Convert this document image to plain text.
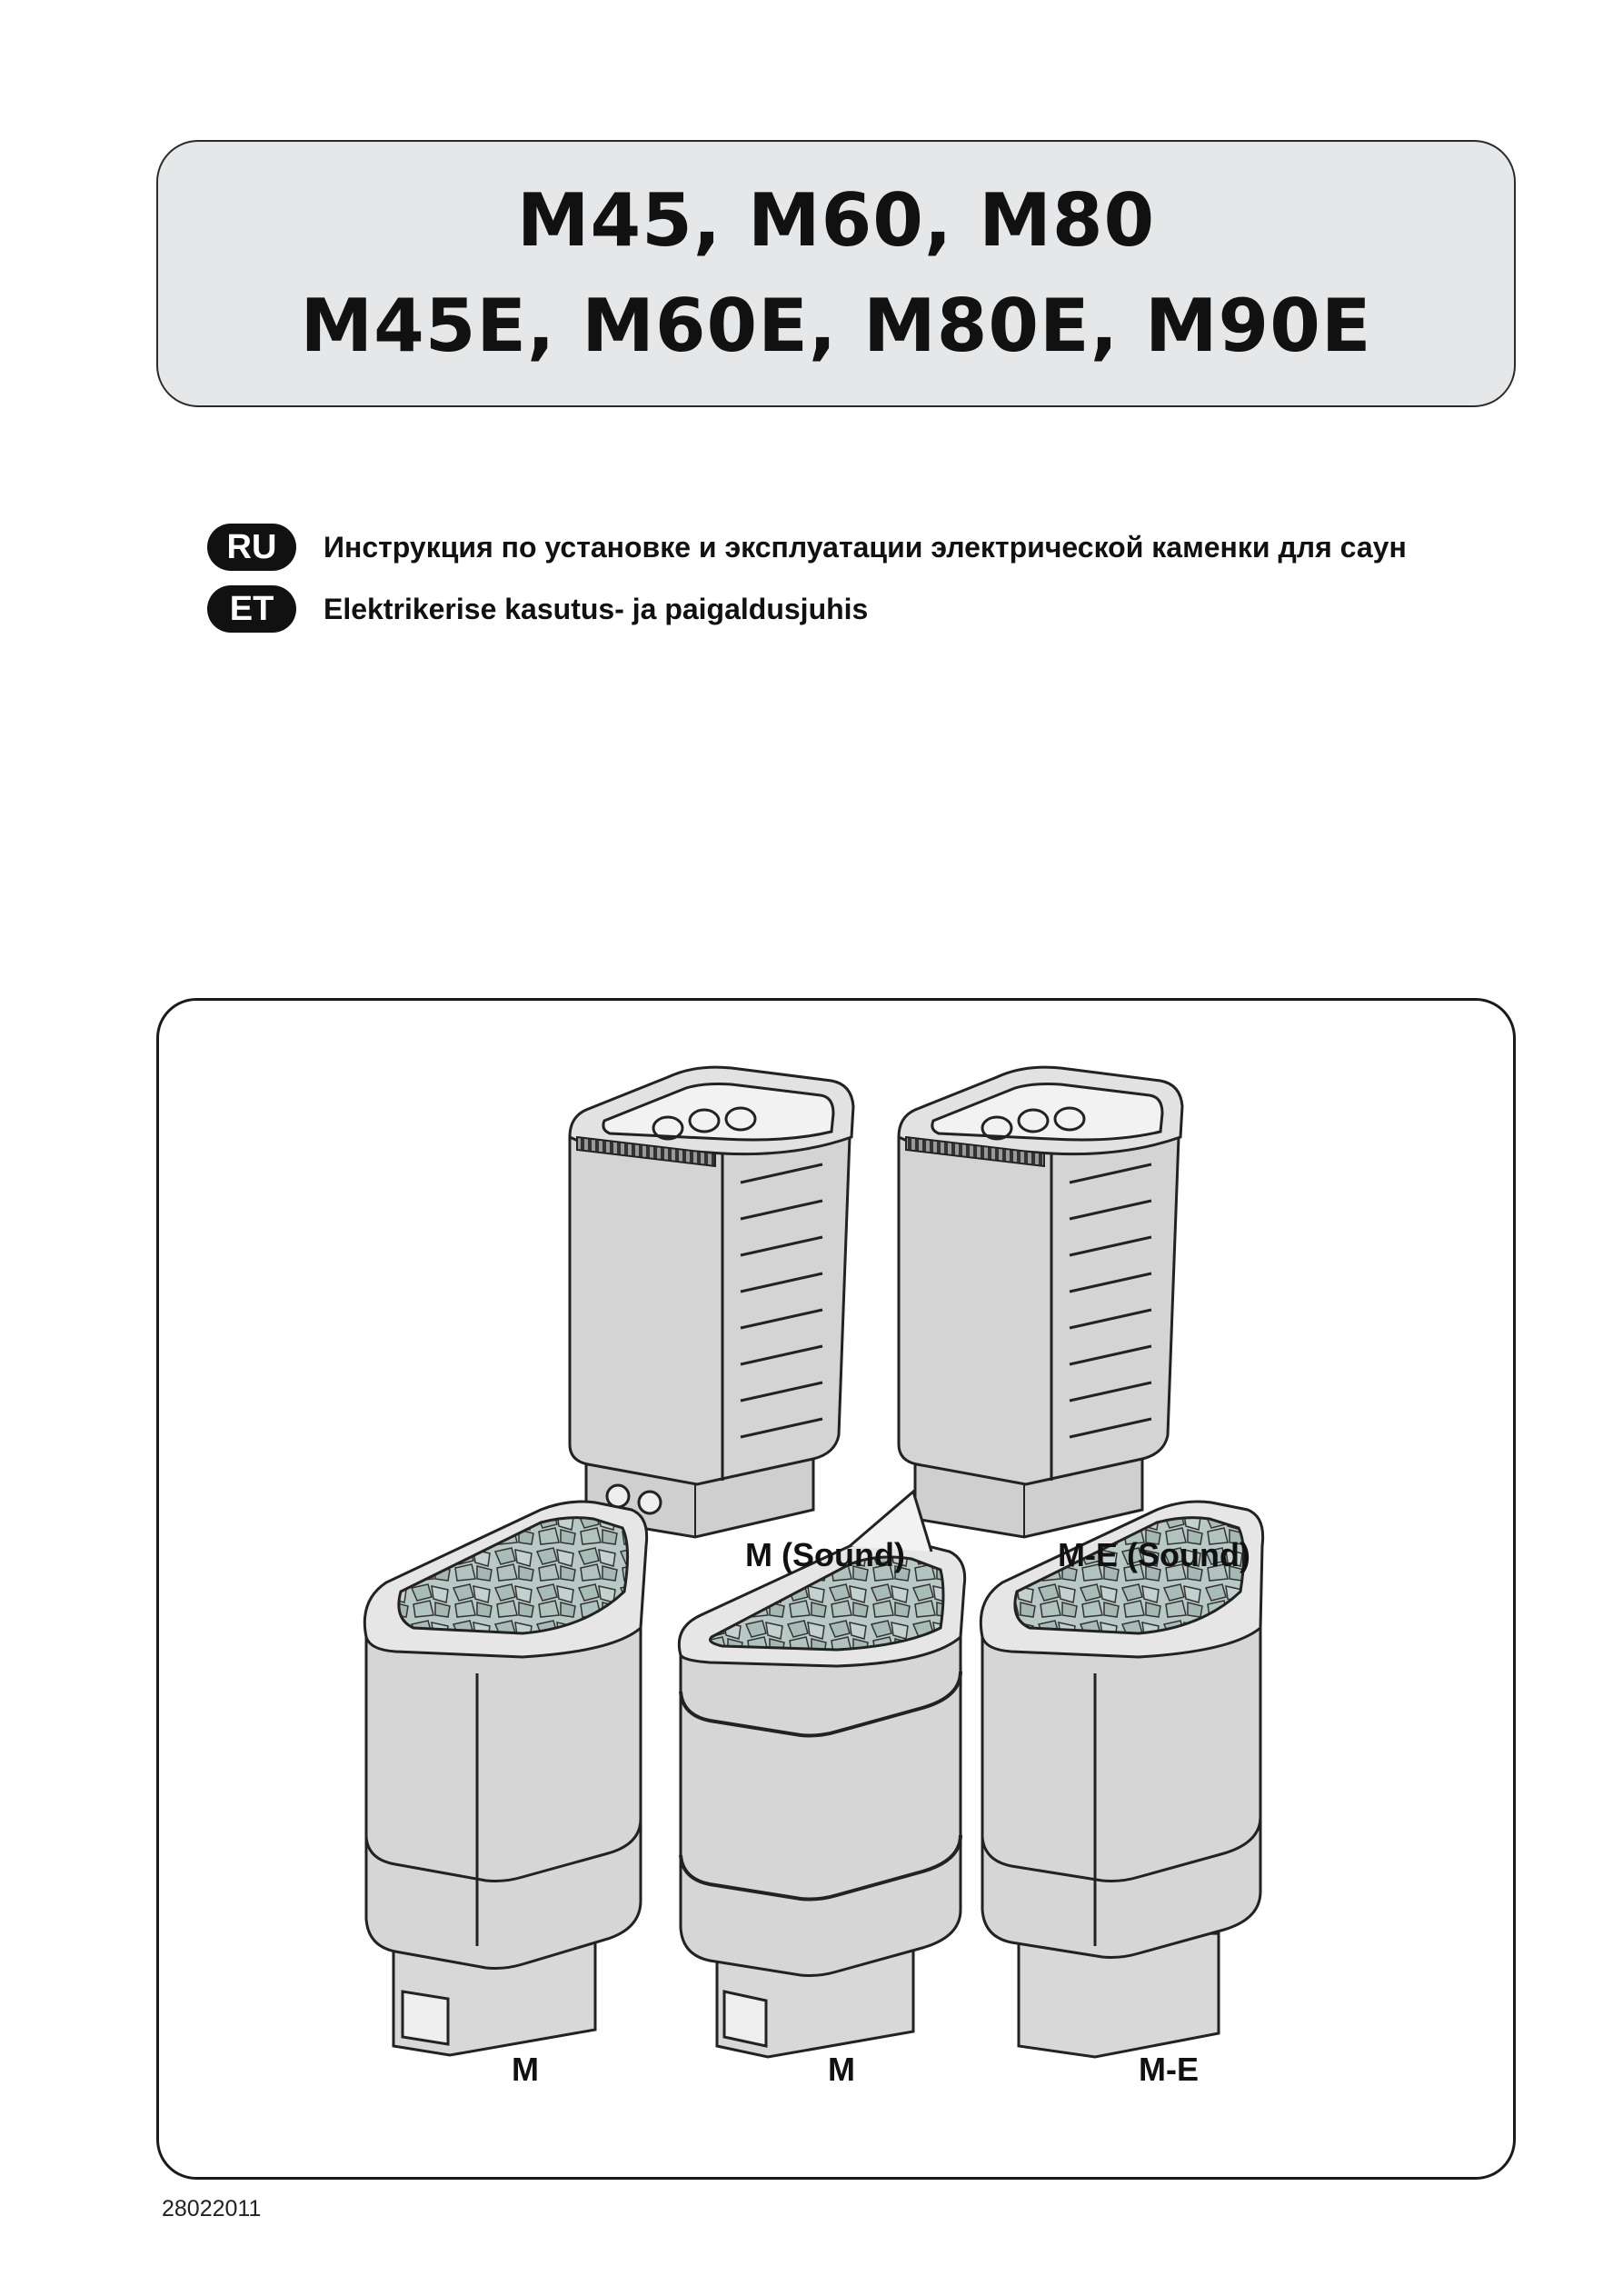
M45, M60, M80
M45E, M60E, M80E, M90E
RU	Инструкция по установке и эксплуатации электрической каменки для саун
ET	Elektrikerise kasutus- ja paigaldusjuhis
M (Sound)	M-E (Sound)
M	M	M-E
28022011
